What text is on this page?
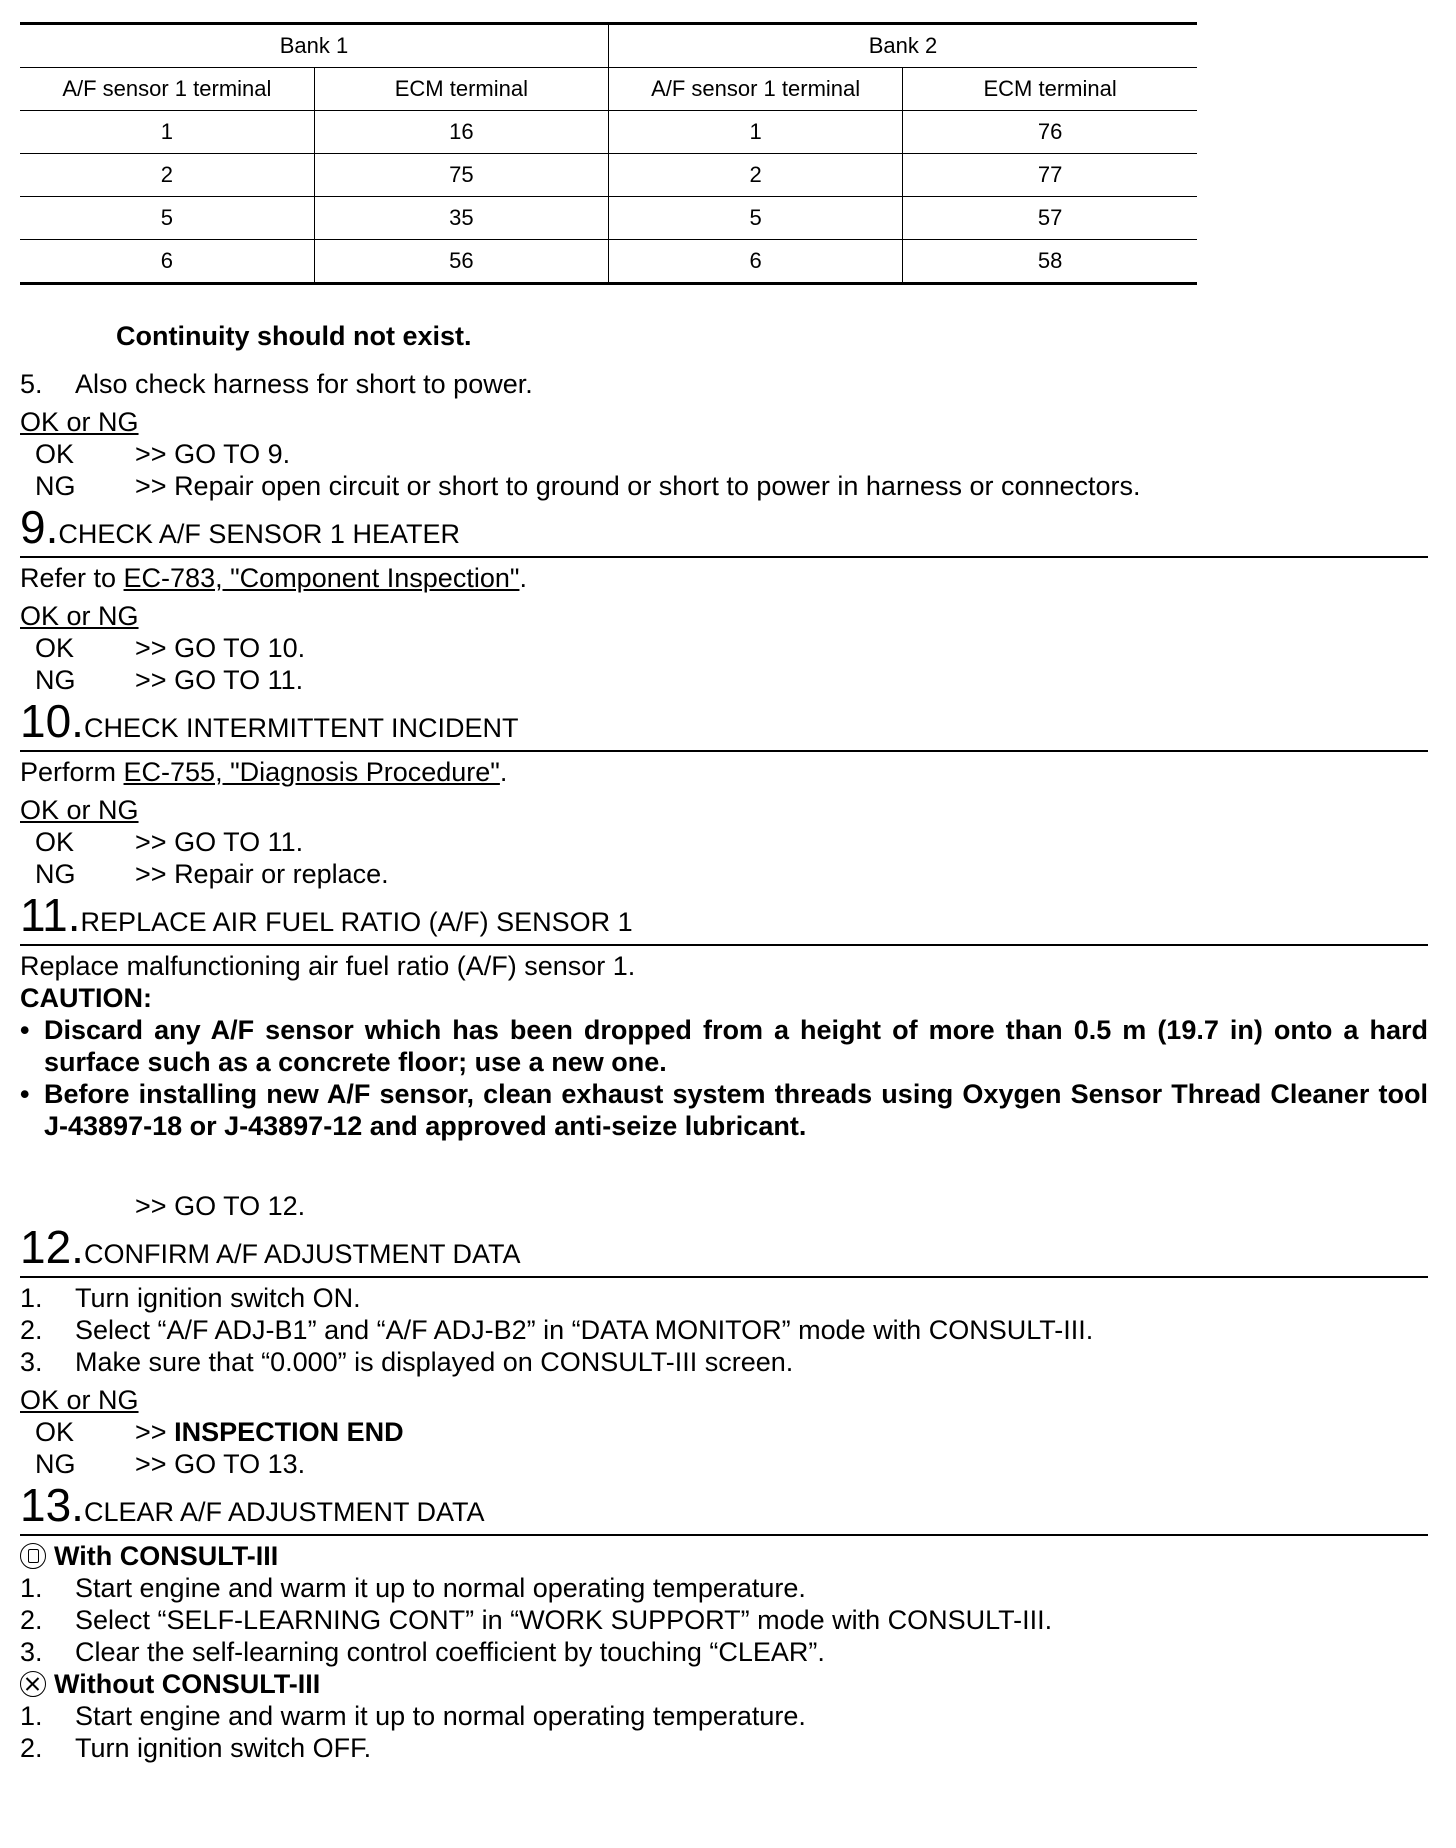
Bank 1		Bank 2	
A/F sensor 1 terminal	ECM terminal	A/F sensor 1 terminal	ECM terminal
1	16	1	76
2	75	2	77
5	35	5	57
6	56	6	58
Continuity should not exist.
5.	Also check harness for short to power.
OK or NG
OK	>>
GO TO 9.
NG	>>
Repair open circuit or short to ground or short to power in harness or connectors.
9. CHECK A/F SENSOR 1 HEATER
Refer to EC-783, "Component Inspection".
OK or NG
OK	>>
GO TO 10.
NG	>>
GO TO 11.
10. CHECK INTERMITTENT INCIDENT
Perform EC-755, "Diagnosis Procedure".
OK or NG
OK	>>
GO TO 11.
NG	>>
Repair or replace.
11. REPLACE AIR FUEL RATIO (A/F) SENSOR 1
Replace malfunctioning air fuel ratio (A/F) sensor 1.
CAUTION:
• Discard any A/F sensor which has been dropped from a height of more than 0.5 m (19.7 in) onto a hard surface such as a concrete floor; use a new one.
• Before installing new A/F sensor, clean exhaust system threads using Oxygen Sensor Thread Cleaner tool J-43897-18 or J-43897-12 and approved anti-seize lubricant.
>>
GO TO 12.
12. CONFIRM A/F ADJUSTMENT DATA
1.	Turn ignition switch ON.
2.	Select “A/F ADJ-B1” and “A/F ADJ-B2” in “DATA MONITOR” mode with CONSULT-III.
3.	Make sure that “0.000” is displayed on CONSULT-III screen.
OK or NG
OK	>>
INSPECTION END
NG	>>
GO TO 13.
13. CLEAR A/F ADJUSTMENT DATA
With CONSULT-III
1.	Start engine and warm it up to normal operating temperature.
2.	Select “SELF-LEARNING CONT” in “WORK SUPPORT” mode with CONSULT-III.
3.	Clear the self-learning control coefficient by touching “CLEAR”.
Without CONSULT-III
1.	Start engine and warm it up to normal operating temperature.
2.	Turn ignition switch OFF.
